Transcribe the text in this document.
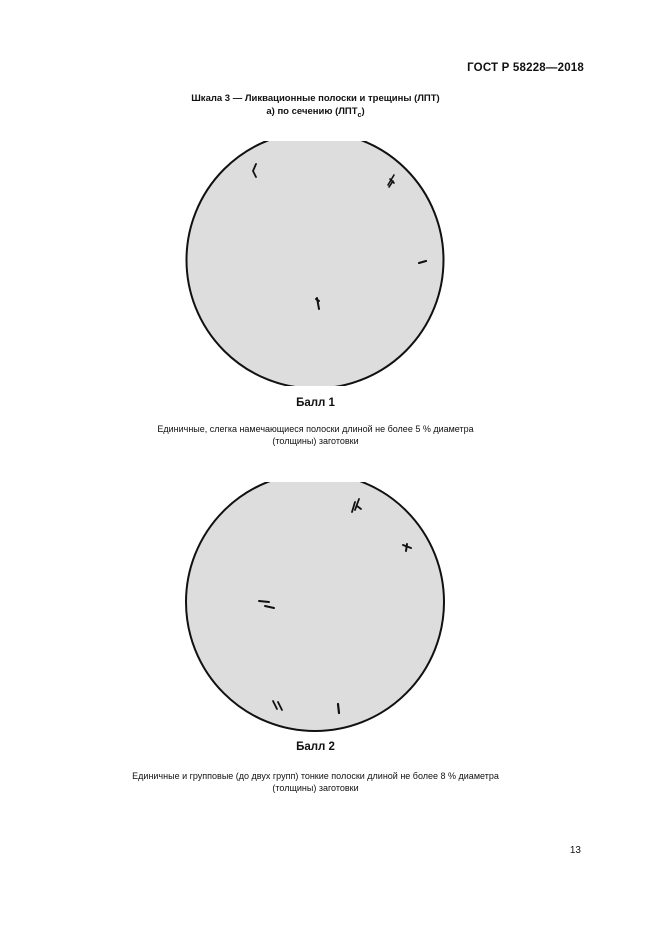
ГОСТ Р 58228—2018
Шкала 3 — Ликвационные полоски и трещины (ЛПТ)
а) по сечению $(ЛПТ_с)$
Балл 1
Единичные, слегка намечающиеся полоски длиной не более 5 % диаметра
(толщины) заготовки
Балл 2
Единичные и групповые (до двух групп) тонкие полоски длиной не более 8 % диаметра
(толщины) заготовки
13
